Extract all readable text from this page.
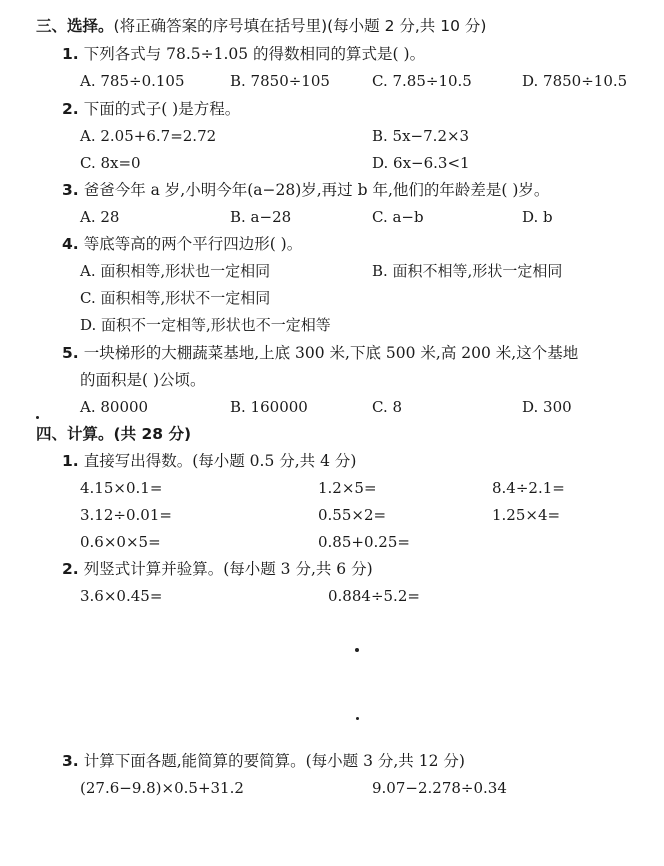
三、选择。(将正确答案的序号填在括号里)(每小题 2 分,共 10 分)
1. 下列各式与 78.5÷1.05 的得数相同的算式是( )。
A. 785÷0.105	B. 7850÷105	C. 7.85÷10.5	D. 7850÷10.5
2. 下面的式子( )是方程。
A. 2.05+6.7=2.72	B. 5x−7.2×3
C. 8x=0	D. 6x−6.3<1
3. 爸爸今年 a 岁,小明今年(a−28)岁,再过 b 年,他们的年龄差是( )岁。
A. 28	B. a−28	C. a−b	D. b
4. 等底等高的两个平行四边形( )。
A. 面积相等,形状也一定相同	B. 面积不相等,形状一定相同
C. 面积相等,形状不一定相同
D. 面积不一定相等,形状也不一定相等
5. 一块梯形的大棚蔬菜基地,上底 300 米,下底 500 米,高 200 米,这个基地
的面积是( )公顷。
A. 80000	B. 160000	C. 8	D. 300
四、计算。(共 28 分)
1. 直接写出得数。(每小题 0.5 分,共 4 分)
4.15×0.1=	1.2×5=	8.4÷2.1=
3.12÷0.01=	0.55×2=	1.25×4=
0.6×0×5=	0.85+0.25=
2. 列竖式计算并验算。(每小题 3 分,共 6 分)
3.6×0.45=	0.884÷5.2=
3. 计算下面各题,能简算的要简算。(每小题 3 分,共 12 分)
(27.6−9.8)×0.5+31.2	9.07−2.278÷0.34
